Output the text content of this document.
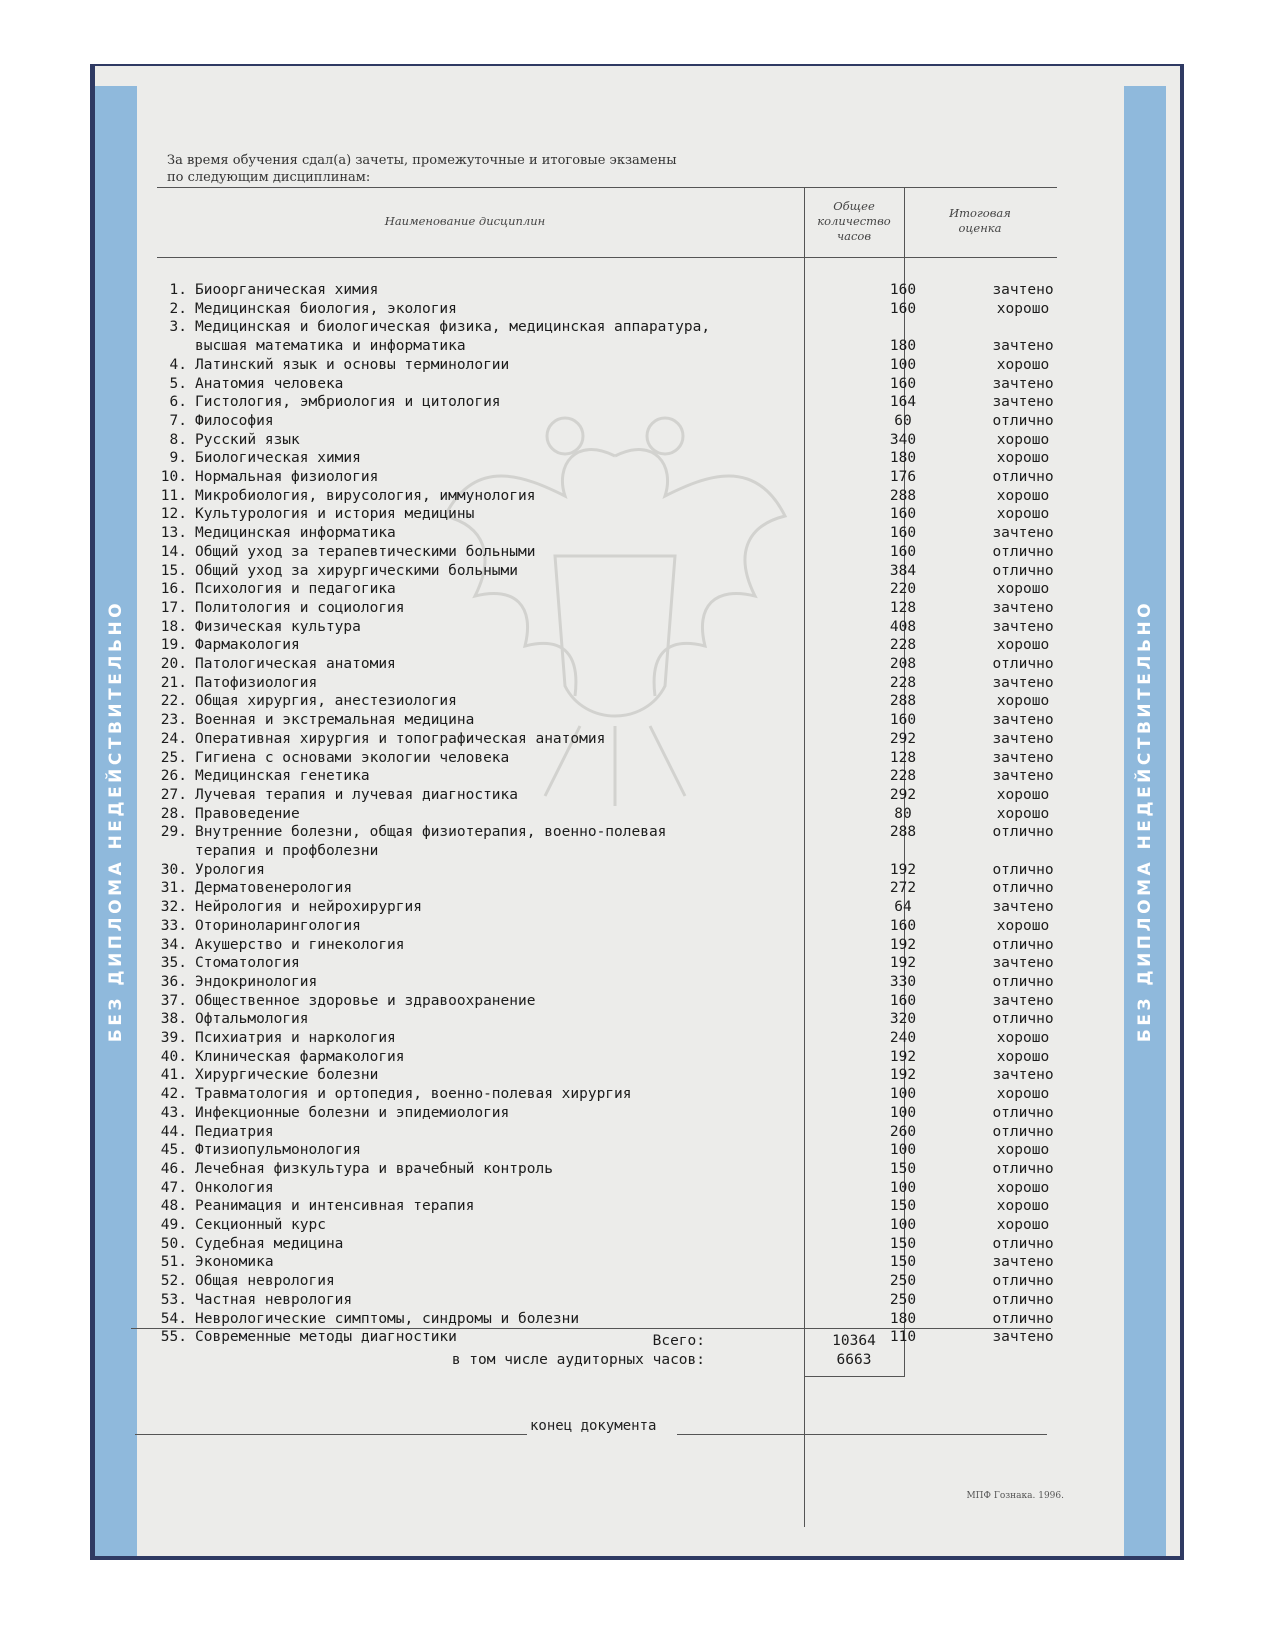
БЕЗ ДИПЛОМА НЕДЕЙСТВИТЕЛЬНО	БЕЗ ДИПЛОМА НЕДЕЙСТВИТЕЛЬНО
За время обучения сдал(а) зачеты, промежуточные и итоговые экзамены
по следующим дисциплинам:
Наименование дисциплин
Общее
количество
часов
Итоговая
оценка
1. Биоорганическая химия	160	зачтено
2. Медицинская биология, экология	160	хорошо
3. Медицинская и биологическая физика, медицинская аппаратура,
высшая математика и информатика	180	зачтено
4. Латинский язык и основы терминологии	100	хорошо
5. Анатомия человека	160	зачтено
6. Гистология, эмбриология и цитология	164	зачтено
7. Философия	60	отлично
8. Русский язык	340	хорошо
9. Биологическая химия	180	хорошо
10. Нормальная физиология	176	отлично
11. Микробиология, вирусология, иммунология	288	хорошо
12. Культурология и история медицины	160	хорошо
13. Медицинская информатика	160	зачтено
14. Общий уход за терапевтическими больными	160	отлично
15. Общий уход за хирургическими больными	384	отлично
16. Психология и педагогика	220	хорошо
17. Политология и социология	128	зачтено
18. Физическая культура	408	зачтено
19. Фармакология	228	хорошо
20. Патологическая анатомия	208	отлично
21. Патофизиология	228	зачтено
22. Общая хирургия, анестезиология	288	хорошо
23. Военная и экстремальная медицина	160	зачтено
24. Оперативная хирургия и топографическая анатомия	292	зачтено
25. Гигиена с основами экологии человека	128	зачтено
26. Медицинская генетика	228	зачтено
27. Лучевая терапия и лучевая диагностика	292	хорошо
28. Правоведение	80	хорошо
29. Внутренние болезни, общая физиотерапия, военно-полевая
терапия и профболезни
288	отлично
30. Урология	192	отлично
31. Дерматовенерология	272	отлично
32. Нейрология и нейрохирургия	64	зачтено
33. Оториноларингология	160	хорошо
34. Акушерство и гинекология	192	отлично
35. Стоматология	192	зачтено
36. Эндокринология	330	отлично
37. Общественное здоровье и здравоохранение	160	зачтено
38. Офтальмология	320	отлично
39. Психиатрия и наркология	240	хорошо
40. Клиническая фармакология	192	хорошо
41. Хирургические болезни	192	зачтено
42. Травматология и ортопедия, военно-полевая хирургия	100	хорошо
43. Инфекционные болезни и эпидемиология	100	отлично
44. Педиатрия	260	отлично
45. Фтизиопульмонология	100	хорошо
46. Лечебная физкультура и врачебный контроль	150	отлично
47. Онкология	100	хорошо
48. Реанимация и интенсивная терапия	150	хорошо
49. Секционный курс	100	хорошо
50. Судебная медицина	150	отлично
51. Экономика	150	зачтено
52. Общая неврология	250	отлично
53. Частная неврология	250	отлично
54. Неврологические симптомы, синдромы и болезни	180	отлично
55. Современные методы диагностики	110	зачтено
Всего:	10364
в том числе аудиторных часов:	6663
конец документа
МПФ Гознака. 1996.
